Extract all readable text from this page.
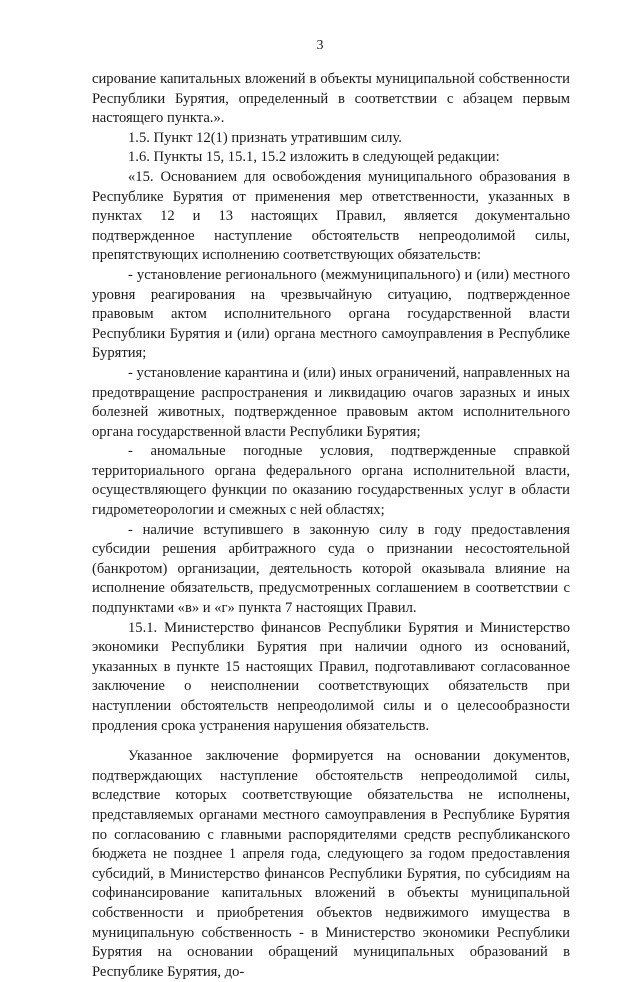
3

сирование капитальных вложений в объекты муниципальной собственности Республики Бурятия, определенный в соответствии с абзацем первым настоящего пункта.».

1.5. Пункт 12(1) признать утратившим силу.

1.6. Пункты 15, 15.1, 15.2 изложить в следующей редакции:

«15. Основанием для освобождения муниципального образования в Республике Бурятия от применения мер ответственности, указанных в пунктах 12 и 13 настоящих Правил, является документально подтвержденное наступление обстоятельств непреодолимой силы, препятствующих исполнению соответствующих обязательств:

- установление регионального (межмуниципального) и (или) местного уровня реагирования на чрезвычайную ситуацию, подтвержденное правовым актом исполнительного органа государственной власти Республики Бурятия и (или) органа местного самоуправления в Республике Бурятия;

- установление карантина и (или) иных ограничений, направленных на предотвращение распространения и ликвидацию очагов заразных и иных болезней животных, подтвержденное правовым актом исполнительного органа государственной власти Республики Бурятия;

- аномальные погодные условия, подтвержденные справкой территориального органа федерального органа исполнительной власти, осуществляющего функции по оказанию государственных услуг в области гидрометеорологии и смежных с ней областях;

- наличие вступившего в законную силу в году предоставления субсидии решения арбитражного суда о признании несостоятельной (банкротом) организации, деятельность которой оказывала влияние на исполнение обязательств, предусмотренных соглашением в соответствии с подпунктами «в» и «г» пункта 7 настоящих Правил.

15.1. Министерство финансов Республики Бурятия и Министерство экономики Республики Бурятия при наличии одного из оснований, указанных в пункте 15 настоящих Правил, подготавливают согласованное заключение о неисполнении соответствующих обязательств при наступлении обстоятельств непреодолимой силы и о целесообразности продления срока устранения нарушения обязательств.

Указанное заключение формируется на основании документов, подтверждающих наступление обстоятельств непреодолимой силы, вследствие которых соответствующие обязательства не исполнены, представляемых органами местного самоуправления в Республике Бурятия по согласованию с главными распорядителями средств республиканского бюджета не позднее 1 апреля года, следующего за годом предоставления субсидий, в Министерство финансов Республики Бурятия, по субсидиям на софинансирование капитальных вложений в объекты муниципальной собственности и приобретения объектов недвижимого имущества в муниципальную собственность - в Министерство экономики Республики Бурятия на основании обращений муниципальных образований в Республике Бурятия, до-
